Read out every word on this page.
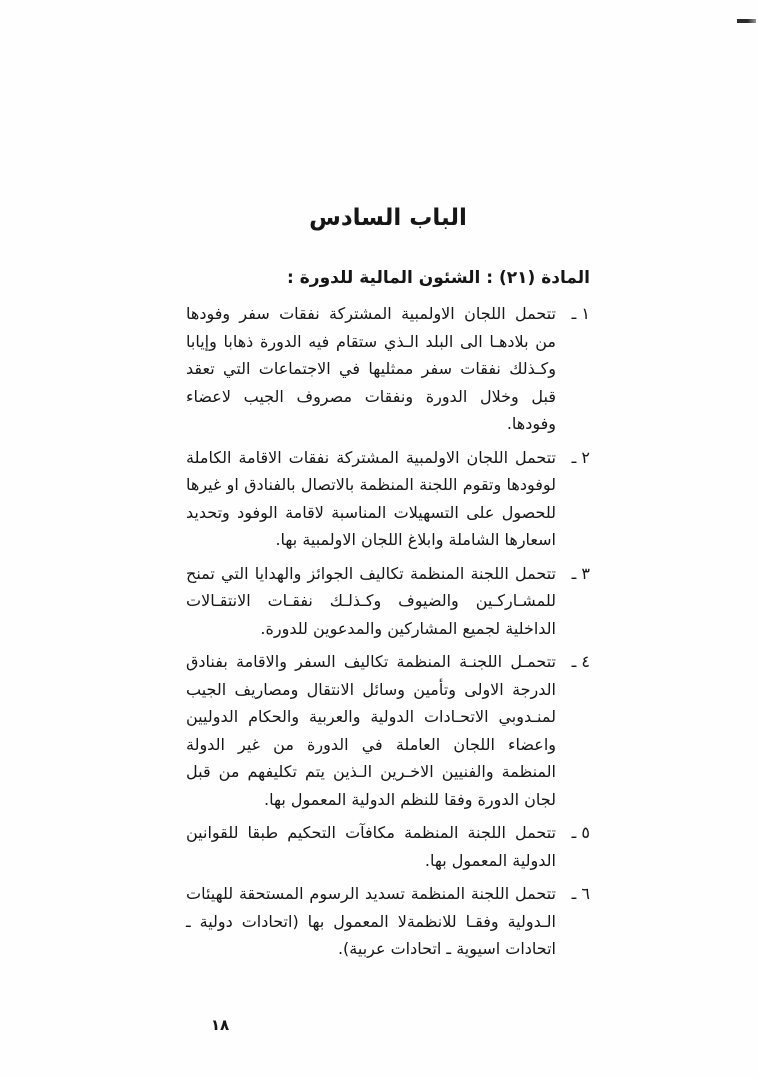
الباب السادس
المادة (٢١) : الشئون المالية للدورة :
١ ـ
تتحمل اللجان الاولمبية المشتركة نفقات سفر وفودها من بلادهـا الى البلد الـذي ستقام فيه الدورة ذهابا وإيابا وكـذلك نفقات سفر ممثليها في الاجتماعات التي تعقد قبل وخلال الدورة ونفقات مصروف الجيب لاعضاء وفودها.
٢ ـ
تتحمل اللجان الاولمبية المشتركة نفقات الاقامة الكاملة لوفودها وتقوم اللجنة المنظمة بالاتصال بالفنادق او غيرها للحصول على التسهيلات المناسبة لاقامة الوفود وتحديد اسعارها الشاملة وابلاغ اللجان الاولمبية بها.
٣ ـ
تتحمل اللجنة المنظمة تكاليف الجوائز والهدايا التي تمنح للمشـاركـين والضيوف وكـذلـك نفقـات الانتقـالات الداخلية لجميع المشاركين والمدعوين للدورة.
٤ ـ
تتحمـل اللجنـة المنظمة تكاليف السفر والاقامة بفنادق الدرجة الاولى وتأمين وسائل الانتقال ومصاريف الجيب لمنـدوبي الاتحـادات الدولية والعربية والحكام الدوليين واعضاء اللجان العاملة في الدورة من غير الدولة المنظمة والفنيين الاخـرين الـذين يتم تكليفهم من قبل لجان الدورة وفقا للنظم الدولية المعمول بها.
٥ ـ
تتحمل اللجنة المنظمة مكافآت التحكيم طبقا للقوانين الدولية المعمول بها.
٦ ـ
تتحمل اللجنة المنظمة تسديد الرسوم المستحقة للهيئات الـدولية وفقـا للانظمةلا المعمول بها (اتحادات دولية ـ اتحادات اسيوية ـ اتحادات عربية).
١٨
